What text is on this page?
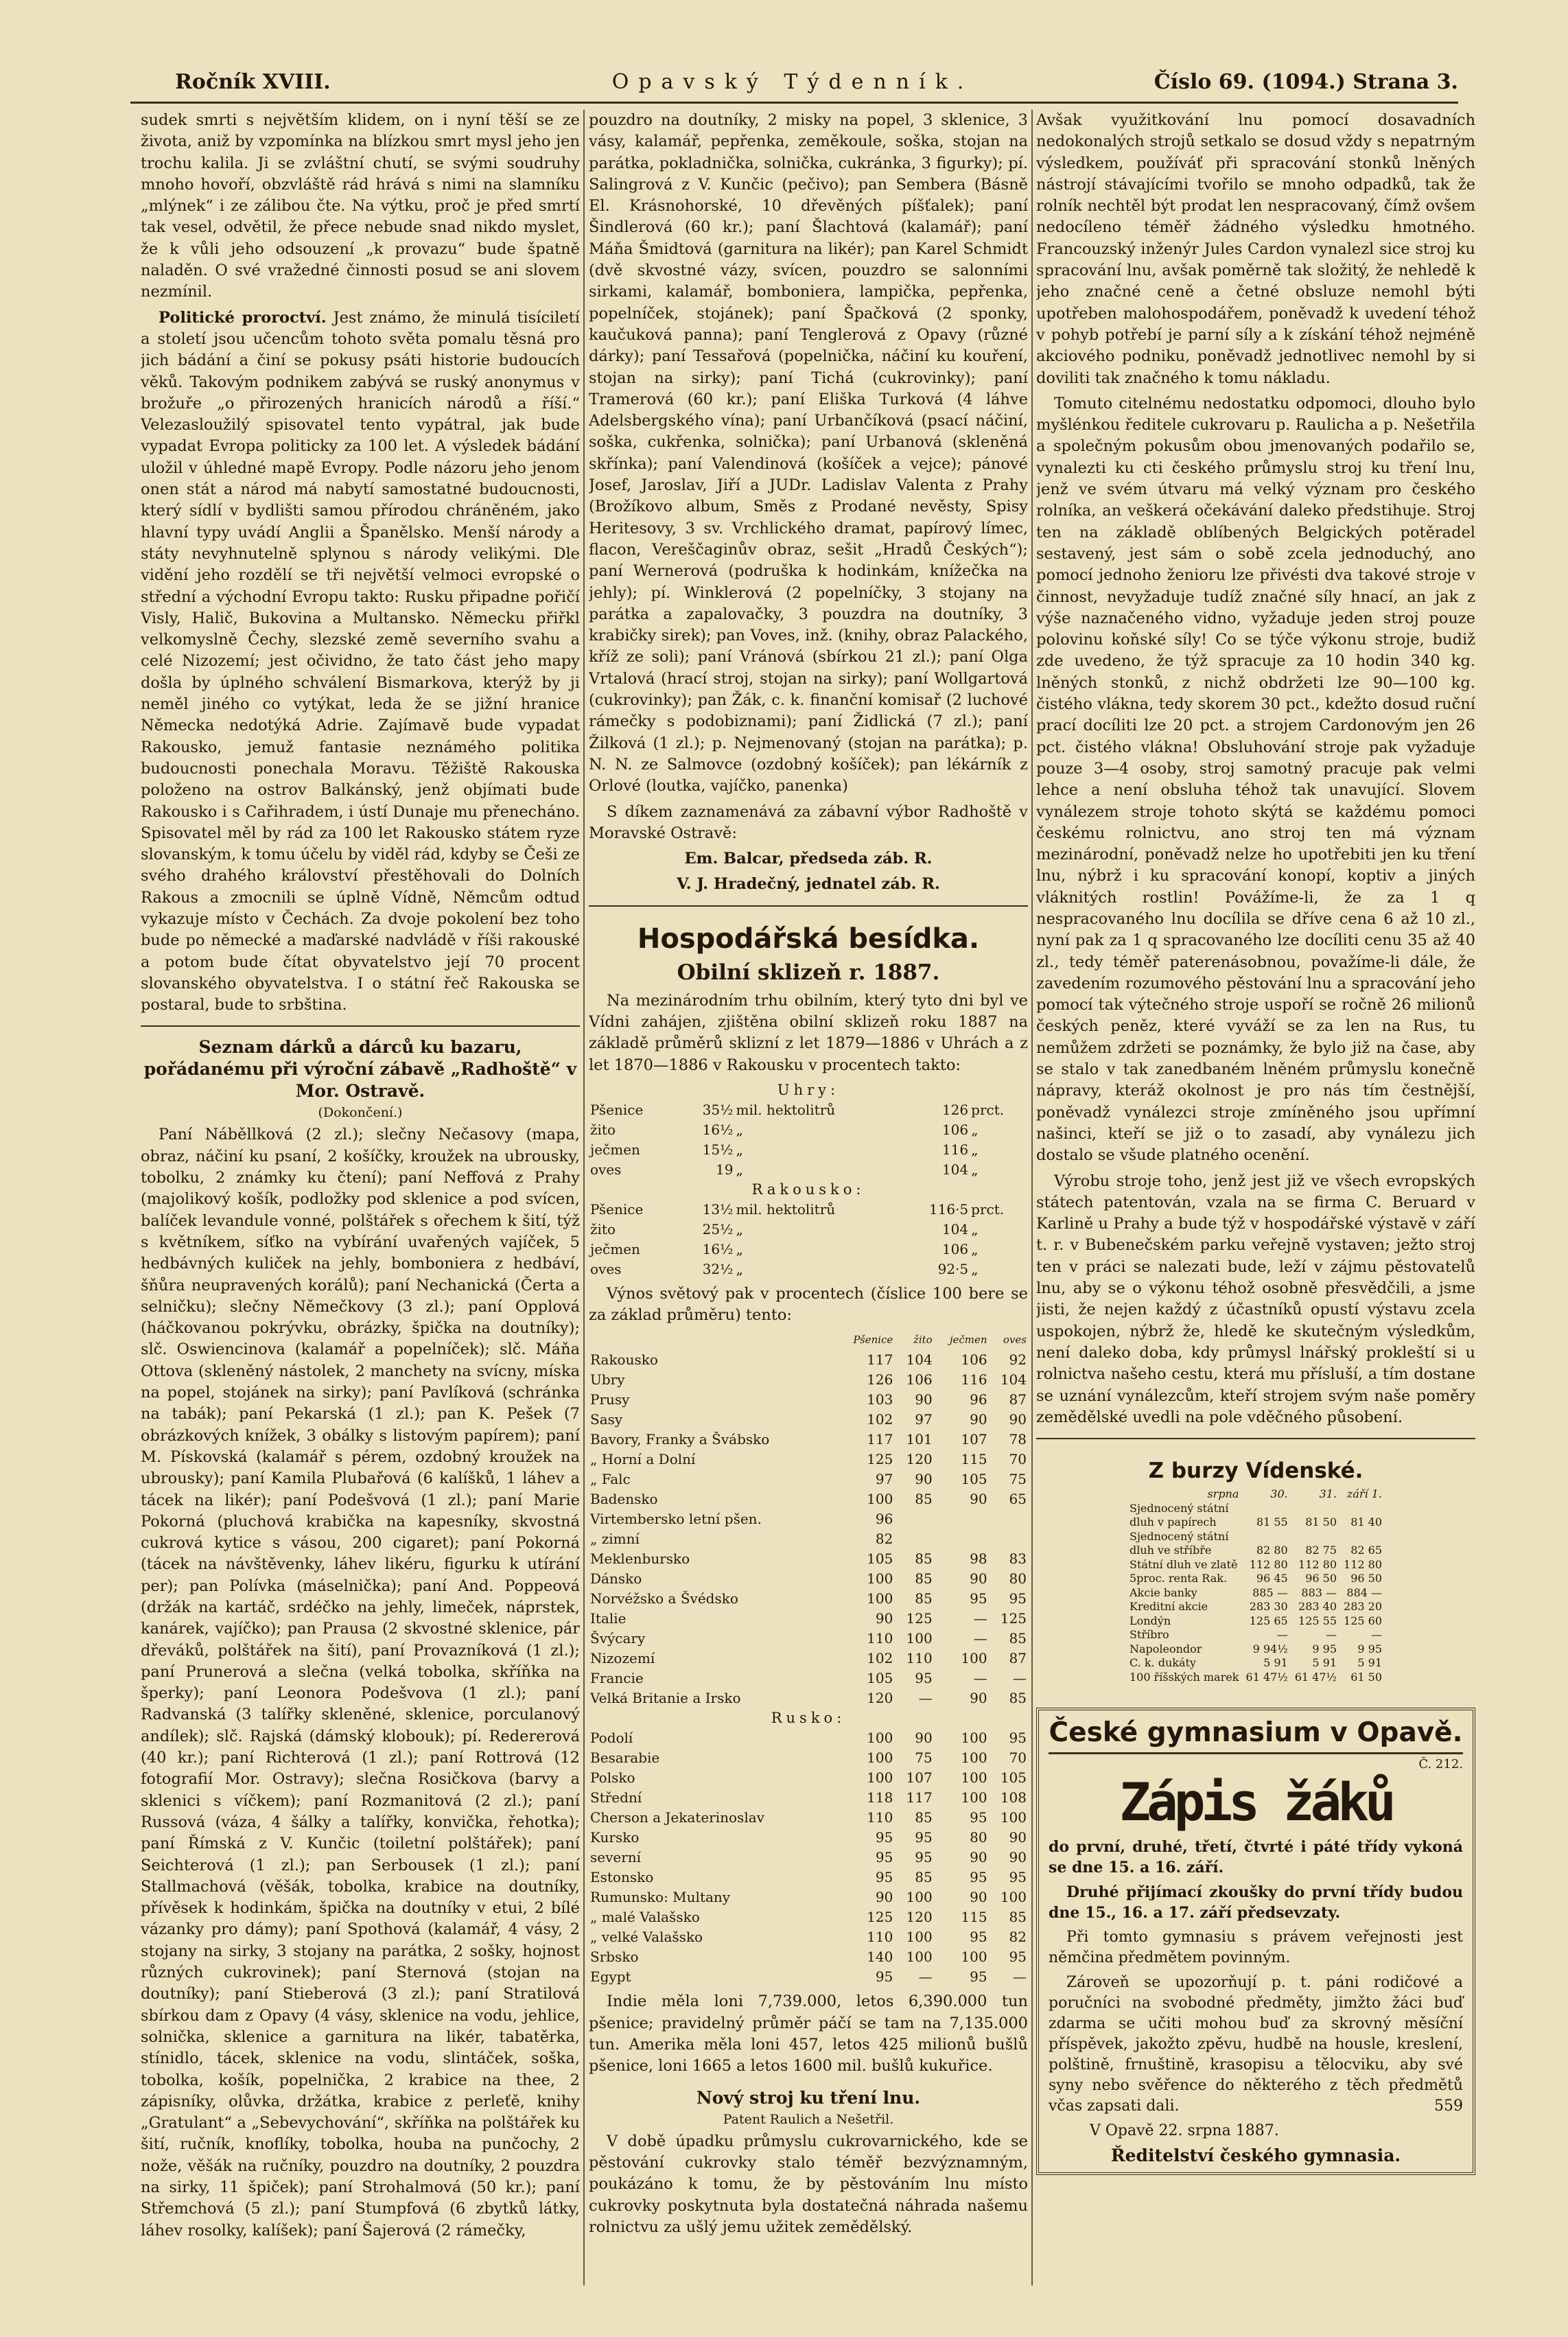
Ročník XVIII.	Opavský Týdenník.	Číslo 69. (1094.) Strana 3.

sudek smrti s největším klidem, on i nyní těší se ze života, aniž by vzpomínka na blízkou smrt mysl jeho jen trochu kalila. Ji se zvláštní chutí, se svými soudruhy mnoho hovoří, obzvláště rád hrává s nimi na slamníku „mlýnek“ i ze zálibou čte. Na výtku, proč je před smrtí tak vesel, odvětil, že přece nebude snad nikdo myslet, že k vůli jeho odsouzení „k provazu“ bude špatně naladěn. O své vražedné činnosti posud se ani slovem nezmínil.

Politické proroctví. Jest známo, že minulá tisíciletí a století jsou učencům tohoto světa pomalu těsná pro jich bádání a činí se pokusy psáti historie budoucích věků. Takovým podnikem zabývá se ruský anonymus v brožuře „o přirozených hranicích národů a říší.“ Velezasloužilý spisovatel tento vypátral, jak bude vypadat Evropa politicky za 100 let. A výsledek bádání uložil v úhledné mapě Evropy. Podle názoru jeho jenom onen stát a národ má nabytí samostatné budoucnosti, který sídlí v bydlišti samou přírodou chráněném, jako hlavní typy uvádí Anglii a Španělsko. Menší národy a státy nevyhnutelně splynou s národy velikými. Dle vidění jeho rozdělí se tři největší velmoci evropské o střední a východní Evropu takto: Rusku připadne pořičí Visly, Halič, Bukovina a Multansko. Německu přiřkl velkomyslně Čechy, slezské země severního svahu a celé Nizozemí; jest očividno, že tato část jeho mapy došla by úplného schválení Bismarkova, kterýž by ji neměl jiného co vytýkat, leda že se jižní hranice Německa nedotýká Adrie. Zajímavě bude vypadat Rakousko, jemuž fantasie neznámého politika budoucnosti ponechala Moravu. Těžiště Rakouska položeno na ostrov Balkánský, jenž objímati bude Rakousko i s Cařihradem, i ústí Dunaje mu přenecháno. Spisovatel měl by rád za 100 let Rakousko státem ryze slovanským, k tomu účelu by viděl rád, kdyby se Češi ze svého drahého království přestěhovali do Dolních Rakous a zmocnili se úplně Vídně, Němcům odtud vykazuje místo v Čechách. Za dvoje pokolení bez toho bude po německé a maďarské nadvládě v říši rakouské a potom bude čítat obyvatelstvo její 70 procent slovanského obyvatelstva. I o státní řeč Rakouska se postaral, bude to srbština.

Seznam dárků a dárců ku bazaru, pořádanému při výroční zábavě „Radhoště“ v Mor. Ostravě.
(Dokončení.)

Paní Náběllková (2 zl.); slečny Nečasovy (mapa, obraz, náčiní ku psaní, 2 košíčky, kroužek na ubrousky, tobolku, 2 známky ku čtení); paní Neffová z Prahy (majolikový košík, podložky pod sklenice a pod svícen, balíček levandule vonné, polštářek s ořechem k šití, týž s květníkem, síťko na vybírání uvařených vajíček, 5 hedbávných kuliček na jehly, bomboniera z hedbáví, šňůra neupravených korálů); paní Nechanická (Čerta a selničku); slečny Němečkovy (3 zl.); paní Opplová (háčkovanou pokrývku, obrázky, špička na doutníky); slč. Oswiencinova (kalamář a popelníček); slč. Máňa Ottova (skleněný nástolek, 2 manchety na svícny, míska na popel, stojánek na sirky); paní Pavlíková (schránka na tabák); paní Pekarská (1 zl.); pan K. Pešek (7 obrázkových knížek, 3 obálky s listovým papírem); paní M. Pískovská (kalamář s pérem, ozdobný kroužek na ubrousky); paní Kamila Plubařová (6 kalíšků, 1 láhev a tácek na likér); paní Podešvová (1 zl.); paní Marie Pokorná (pluchová krabička na kapesníky, skvostná cukrová kytice s vásou, 200 cigaret); paní Pokorná (tácek na návštěvenky, láhev likéru, figurku k utírání per); pan Polívka (máselnička); paní And. Poppeová (držák na kartáč, srdéčko na jehly, limeček, náprstek, kanárek, vajíčko); pan Prausa (2 skvostné sklenice, pár dřeváků, polštářek na šití), paní Provazníková (1 zl.); paní Prunerová a slečna (velká tobolka, skříňka na šperky); paní Leonora Podešvova (1 zl.); paní Radvanská (3 talířky skleněné, sklenice, porculanový andílek); slč. Rajská (dámský klobouk); pí. Redererová (40 kr.); paní Richterová (1 zl.); paní Rottrová (12 fotografií Mor. Ostravy); slečna Rosičkova (barvy a sklenici s víčkem); paní Rozmanitová (2 zl.); paní Russová (váza, 4 šálky a talířky, konvička, řehotka); paní Římská z V. Kunčic (toiletní polštářek); paní Seichterová (1 zl.); pan Serbousek (1 zl.); paní Stallmachová (věšák, tobolka, krabice na doutníky, přívěsek k hodinkám, špička na doutníky v etui, 2 bílé vázanky pro dámy); paní Spothová (kalamář, 4 vásy, 2 stojany na sirky, 3 stojany na parátka, 2 sošky, hojnost různých cukrovinek); paní Sternová (stojan na doutníky); paní Stieberová (3 zl.); paní Stratilová sbírkou dam z Opavy (4 vásy, sklenice na vodu, jehlice, solnička, sklenice a garnitura na likér, tabatěrka, stínidlo, tácek, sklenice na vodu, slintáček, soška, tobolka, košík, popelnička, 2 krabice na thee, 2 zápisníky, olůvka, držátka, krabice z perleťě, knihy „Gratulant“ a „Sebevychování“, skříňka na polštářek ku šití, ručník, knoflíky, tobolka, houba na punčochy, 2 nože, věšák na ručníky, pouzdro na doutníky, 2 pouzdra na sirky, 11 špiček); paní Strohalmová (50 kr.); paní Střemchová (5 zl.); paní Stumpfová (6 zbytků látky, láhev rosolky, kalíšek); paní Šajerová (2 rámečky,

pouzdro na doutníky, 2 misky na popel, 3 sklenice, 3 vásy, kalamář, pepřenka, zeměkoule, soška, stojan na parátka, pokladnička, solnička, cukránka, 3 figurky); pí. Salingrová z V. Kunčic (pečivo); pan Sembera (Básně El. Krásnohorské, 10 dřevěných píšťalek); paní Šindlerová (60 kr.); paní Šlachtová (kalamář); paní Máňa Šmidtová (garnitura na likér); pan Karel Schmidt (dvě skvostné vázy, svícen, pouzdro se salonními sirkami, kalamář, bomboniera, lampička, pepřenka, popelníček, stojánek); paní Špačková (2 sponky, kaučuková panna); paní Tenglerová z Opavy (různé dárky); paní Tessařová (popelnička, náčiní ku kouření, stojan na sirky); paní Tichá (cukrovinky); paní Tramerová (60 kr.); paní Eliška Turková (4 láhve Adelsbergského vína); paní Urbančíková (psací náčiní, soška, cukřenka, solnička); paní Urbanová (skleněná skřínka); paní Valendinová (košíček a vejce); pánové Josef, Jaroslav, Jiří a JUDr. Ladislav Valenta z Prahy (Brožíkovo album, Směs z Prodané nevěsty, Spisy Heritesovy, 3 sv. Vrchlického dramat, papírový límec, flacon, Vereščaginův obraz, sešit „Hradů Českých“); paní Wernerová (podruška k hodinkám, knížečka na jehly); pí. Winklerová (2 popelníčky, 3 stojany na parátka a zapalovačky, 3 pouzdra na doutníky, 3 krabičky sirek); pan Voves, inž. (knihy, obraz Palackého, kříž ze soli); paní Vránová (sbírkou 21 zl.); paní Olga Vrtalová (hrací stroj, stojan na sirky); paní Wollgartová (cukrovinky); pan Žák, c. k. finanční komisař (2 luchové rámečky s podobiznami); paní Židlická (7 zl.); paní Žilková (1 zl.); p. Nejmenovaný (stojan na parátka); p. N. N. ze Salmovce (ozdobný košíček); pan lékárník z Orlové (loutka, vajíčko, panenka)

S díkem zaznamenává za zábavní výbor Radhoště v Moravské Ostravě:

Em. Balcar, předseda záb. R.

V. J. Hradečný, jednatel záb. R.

Hospodářská besídka.
Obilní sklizeň r. 1887.

Na mezinárodním trhu obilním, který tyto dni byl ve Vídni zahájen, zjištěna obilní sklizeň roku 1887 na základě průměrů sklizní z let 1879—1886 v Uhrách a z let 1870—1886 v Rakousku v procentech takto:

Uhry:				
Pšenice	35½	mil. hektolitrů	126	prct.
žito	16½	„	106	„
ječmen	15½	„	116	„
oves	19	„	104	„
Rakousko:				
Pšenice	13½	mil. hektolitrů	116·5	prct.
žito	25½	„	104	„
ječmen	16½	„	106	„
oves	32½	„	92·5	„

Výnos světový pak v procentech (číslice 100 bere se za základ průměru) tento:

	Pšenice	žito	ječmen	oves
Rakousko	117	104	106	92
Ubry	126	106	116	104
Prusy	103	90	96	87
Sasy	102	97	90	90
Bavory, Franky a Švábsko	117	101	107	78
„ Horní a Dolní	125	120	115	70
„ Falc	97	90	105	75
Badensko	100	85	90	65
Virtembersko letní pšen.	96			
„ zimní	82			
Meklenbursko	105	85	98	83
Dánsko	100	85	90	80
Norvéžsko a Švédsko	100	85	95	95
Italie	90	125	—	125
Švýcary	110	100	—	85
Nizozemí	102	110	100	87
Francie	105	95	—	—
Velká Britanie a Irsko	120	—	90	85
Rusko:				
Podolí	100	90	100	95
Besarabie	100	75	100	70
Polsko	100	107	100	105
Střední	118	117	100	108
Cherson a Jekaterinoslav	110	85	95	100
Kursko	95	95	80	90
severní	95	95	90	90
Estonsko	95	85	95	95
Rumunsko: Multany	90	100	90	100
„ malé Valašsko	125	120	115	85
„ velké Valašsko	110	100	95	82
Srbsko	140	100	100	95
Egypt	95	—	95	—

Indie měla loni 7,739.000, letos 6,390.000 tun pšenice; pravidelný průměr páčí se tam na 7,135.000 tun. Amerika měla loni 457, letos 425 milionů bušlů pšenice, loni 1665 a letos 1600 mil. bušlů kukuřice.

Nový stroj ku tření lnu.
Patent Raulich a Nešetřil.

V době úpadku průmyslu cukrovarnického, kde se pěstování cukrovky stalo téměř bezvýznamným, poukázáno k tomu, že by pěstováním lnu místo cukrovky poskytnuta byla dostatečná náhrada našemu rolnictvu za ušlý jemu užitek zemědělský.

Avšak využitkování lnu pomocí dosavadních nedokonalých strojů setkalo se dosud vždy s nepatrným výsledkem, používáť při spracování stonků lněných nástrojí stávajícími tvořilo se mnoho odpadků, tak že rolník nechtěl být prodat len nespracovaný, čímž ovšem nedocíleno téměř žádného výsledku hmotného. Francouzský inženýr Jules Cardon vynalezl sice stroj ku spracování lnu, avšak poměrně tak složitý, že nehledě k jeho značné ceně a četné obsluze nemohl býti upotřeben malohospodářem, poněvadž k uvedení téhož v pohyb potřebí je parní síly a k získání téhož nejméně akciového podniku, poněvadž jednotlivec nemohl by si doviliti tak značného k tomu nákladu.

Tomuto citelnému nedostatku odpomoci, dlouho bylo myšlénkou ředitele cukrovaru p. Raulicha a p. Nešetřila a společným pokusům obou jmenovaných podařilo se, vynalezti ku cti českého průmyslu stroj ku tření lnu, jenž ve svém útvaru má velký význam pro českého rolníka, an veškerá očekávání daleko předstihuje. Stroj ten na základě oblíbených Belgických potěradel sestavený, jest sám o sobě zcela jednoduchý, ano pomocí jednoho ženioru lze přivésti dva takové stroje v činnost, nevyžaduje tudíž značné síly hnací, an jak z výše naznačeného vidno, vyžaduje jeden stroj pouze polovinu koňské síly! Co se týče výkonu stroje, budiž zde uvedeno, že týž spracuje za 10 hodin 340 kg. lněných stonků, z nichž obdržeti lze 90—100 kg. čistého vlákna, tedy skorem 30 pct., kdežto dosud ruční prací docíliti lze 20 pct. a strojem Cardonovým jen 26 pct. čistého vlákna! Obsluhování stroje pak vyžaduje pouze 3—4 osoby, stroj samotný pracuje pak velmi lehce a není obsluha téhož tak unavující. Slovem vynálezem stroje tohoto skýtá se každému pomoci českému rolnictvu, ano stroj ten má význam mezinárodní, poněvadž nelze ho upotřebiti jen ku tření lnu, nýbrž i ku spracování konopí, koptiv a jiných vláknitých rostlin! Povážíme-li, že za 1 q nespracovaného lnu docílila se dříve cena 6 až 10 zl., nyní pak za 1 q spracovaného lze docíliti cenu 35 až 40 zl., tedy téměř paterenásobnou, považíme-li dále, že zavedením rozumového pěstování lnu a spracování jeho pomocí tak výtečného stroje uspoří se ročně 26 milionů českých peněz, které vyváží se za len na Rus, tu nemůžem zdržeti se poznámky, že bylo již na čase, aby se stalo v tak zanedbaném lněném průmyslu konečně nápravy, kteráž okolnost je pro nás tím čestnější, poněvadž vynálezci stroje zmíněného jsou upřímní našinci, kteří se již o to zasadí, aby vynálezu jich dostalo se všude platného ocenění.

Výrobu stroje toho, jenž jest již ve všech evropských státech patentován, vzala na se firma C. Beruard v Karlině u Prahy a bude týž v hospodářské výstavě v září t. r. v Bubenečském parku veřejně vystaven; ježto stroj ten v práci se nalezati bude, leží v zájmu pěstovatelů lnu, aby se o výkonu téhož osobně přesvědčili, a jsme jisti, že nejen každý z účastníků opustí výstavu zcela uspokojen, nýbrž že, hledě ke skutečným výsledkům, není daleko doba, kdy průmysl lnářský prokleští si u rolnictva našeho cestu, která mu přísluší, a tím dostane se uznání vynálezcům, kteří strojem svým naše poměry zemědělské uvedli na pole vděčného působení.

Z burzy Vídenské.
srpna	30.	31.	září 1.
Sjednocený státní			
dluh v papírech	81 55	81 50	81 40
Sjednocený státní			
dluh ve stříbře	82 80	82 75	82 65
Státní dluh ve zlatě	112 80	112 80	112 80
5proc. renta Rak.	96 45	96 50	96 50
Akcie banky	885 —	883 —	884 —
Kreditní akcie	283 30	283 40	283 20
Londýn	125 65	125 55	125 60
Stříbro	—	—	—
Napoleondor	9 94½	9 95	9 95
C. k. dukáty	5 91	5 91	5 91
100 říšských marek	61 47½	61 47½	61 50
České gymnasium v Opavě.
Č. 212.
Zápis žáků

do první, druhé, třetí, čtvrté i páté třídy vykoná se dne 15. a 16. září.

Druhé přijímací zkoušky do první třídy budou dne 15., 16. a 17. září předsevzaty.

Při tomto gymnasiu s právem veřejnosti jest němčina předmětem povinným.

Zároveň se upozorňují p. t. páni rodičové a poručníci na svobodné předměty, jimžto žáci buď zdarma se učiti mohou buď za skrovný měsíční příspěvek, jakožto zpěvu, hudbě na housle, kreslení, polštině, frnuštině, krasopisu a tělocviku, aby své syny nebo svěřence do některého z těch předmětů včas zapsati dali.	559

V Opavě 22. srpna 1887.

Ředitelství českého gymnasia.
